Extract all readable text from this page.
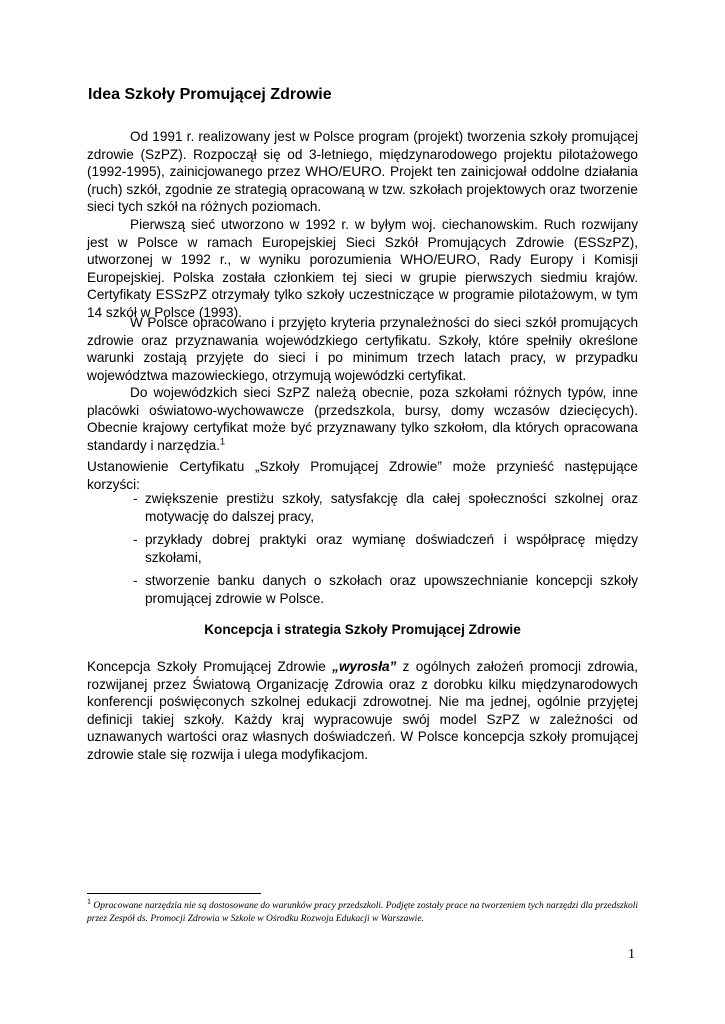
Idea Szkoły Promującej Zdrowie

Od 1991 r. realizowany jest w Polsce program (projekt) tworzenia szkoły promującej zdrowie (SzPZ). Rozpoczął się od 3-letniego, międzynarodowego projektu pilotażowego (1992-1995), zainicjowanego przez WHO/EURO. Projekt ten zainicjował oddolne działania (ruch) szkół, zgodnie ze strategią opracowaną w tzw. szkołach projektowych oraz tworzenie sieci tych szkół na różnych poziomach.

Pierwszą sieć utworzono w 1992 r. w byłym woj. ciechanowskim. Ruch rozwijany jest w Polsce w ramach Europejskiej Sieci Szkół Promujących Zdrowie (ESSzPZ), utworzonej w 1992 r., w wyniku porozumienia WHO/EURO, Rady Europy i Komisji Europejskiej. Polska została członkiem tej sieci w grupie pierwszych siedmiu krajów. Certyfikaty ESSzPZ otrzymały tylko szkoły uczestniczące w programie pilotażowym, w tym 14 szkół w Polsce (1993).

W Polsce opracowano i przyjęto kryteria przynależności do sieci szkół promujących zdrowie oraz przyznawania wojewódzkiego certyfikatu. Szkoły, które spełniły określone warunki zostają przyjęte do sieci i po minimum trzech latach pracy, w przypadku województwa mazowieckiego, otrzymują wojewódzki certyfikat.

Do wojewódzkich sieci SzPZ należą obecnie, poza szkołami różnych typów, inne placówki oświatowo-wychowawcze (przedszkola, bursy, domy wczasów dziecięcych). Obecnie krajowy certyfikat może być przyznawany tylko szkołom, dla których opracowana standardy i narzędzia.$^1$

Ustanowienie Certyfikatu „Szkoły Promującej Zdrowie” może przynieść następujące korzyści:

- zwiększenie prestiżu szkoły, satysfakcję dla całej społeczności szkolnej oraz motywację do dalszej pracy,
- przykłady dobrej praktyki oraz wymianę doświadczeń i współpracę między szkołami,
- stworzenie banku danych o szkołach oraz upowszechnianie koncepcji szkoły promującej zdrowie w Polsce.
Koncepcja i strategia Szkoły Promującej Zdrowie

Koncepcja Szkoły Promującej Zdrowie „wyrosła” z ogólnych założeń promocji zdrowia, rozwijanej przez Światową Organizację Zdrowia oraz z dorobku kilku międzynarodowych konferencji poświęconych szkolnej edukacji zdrowotnej. Nie ma jednej, ogólnie przyjętej definicji takiej szkoły. Każdy kraj wypracowuje swój model SzPZ w zależności od uznawanych wartości oraz własnych doświadczeń. W Polsce koncepcja szkoły promującej zdrowie stale się rozwija i ulega modyfikacjom.

$^1$ Opracowane narzędzia nie są dostosowane do warunków pracy przedszkoli. Podjęte zostały prace na tworzeniem tych narzędzi dla przedszkoli przez Zespół ds. Promocji Zdrowia w Szkole w Ośrodku Rozwoju Edukacji w Warszawie.

1
